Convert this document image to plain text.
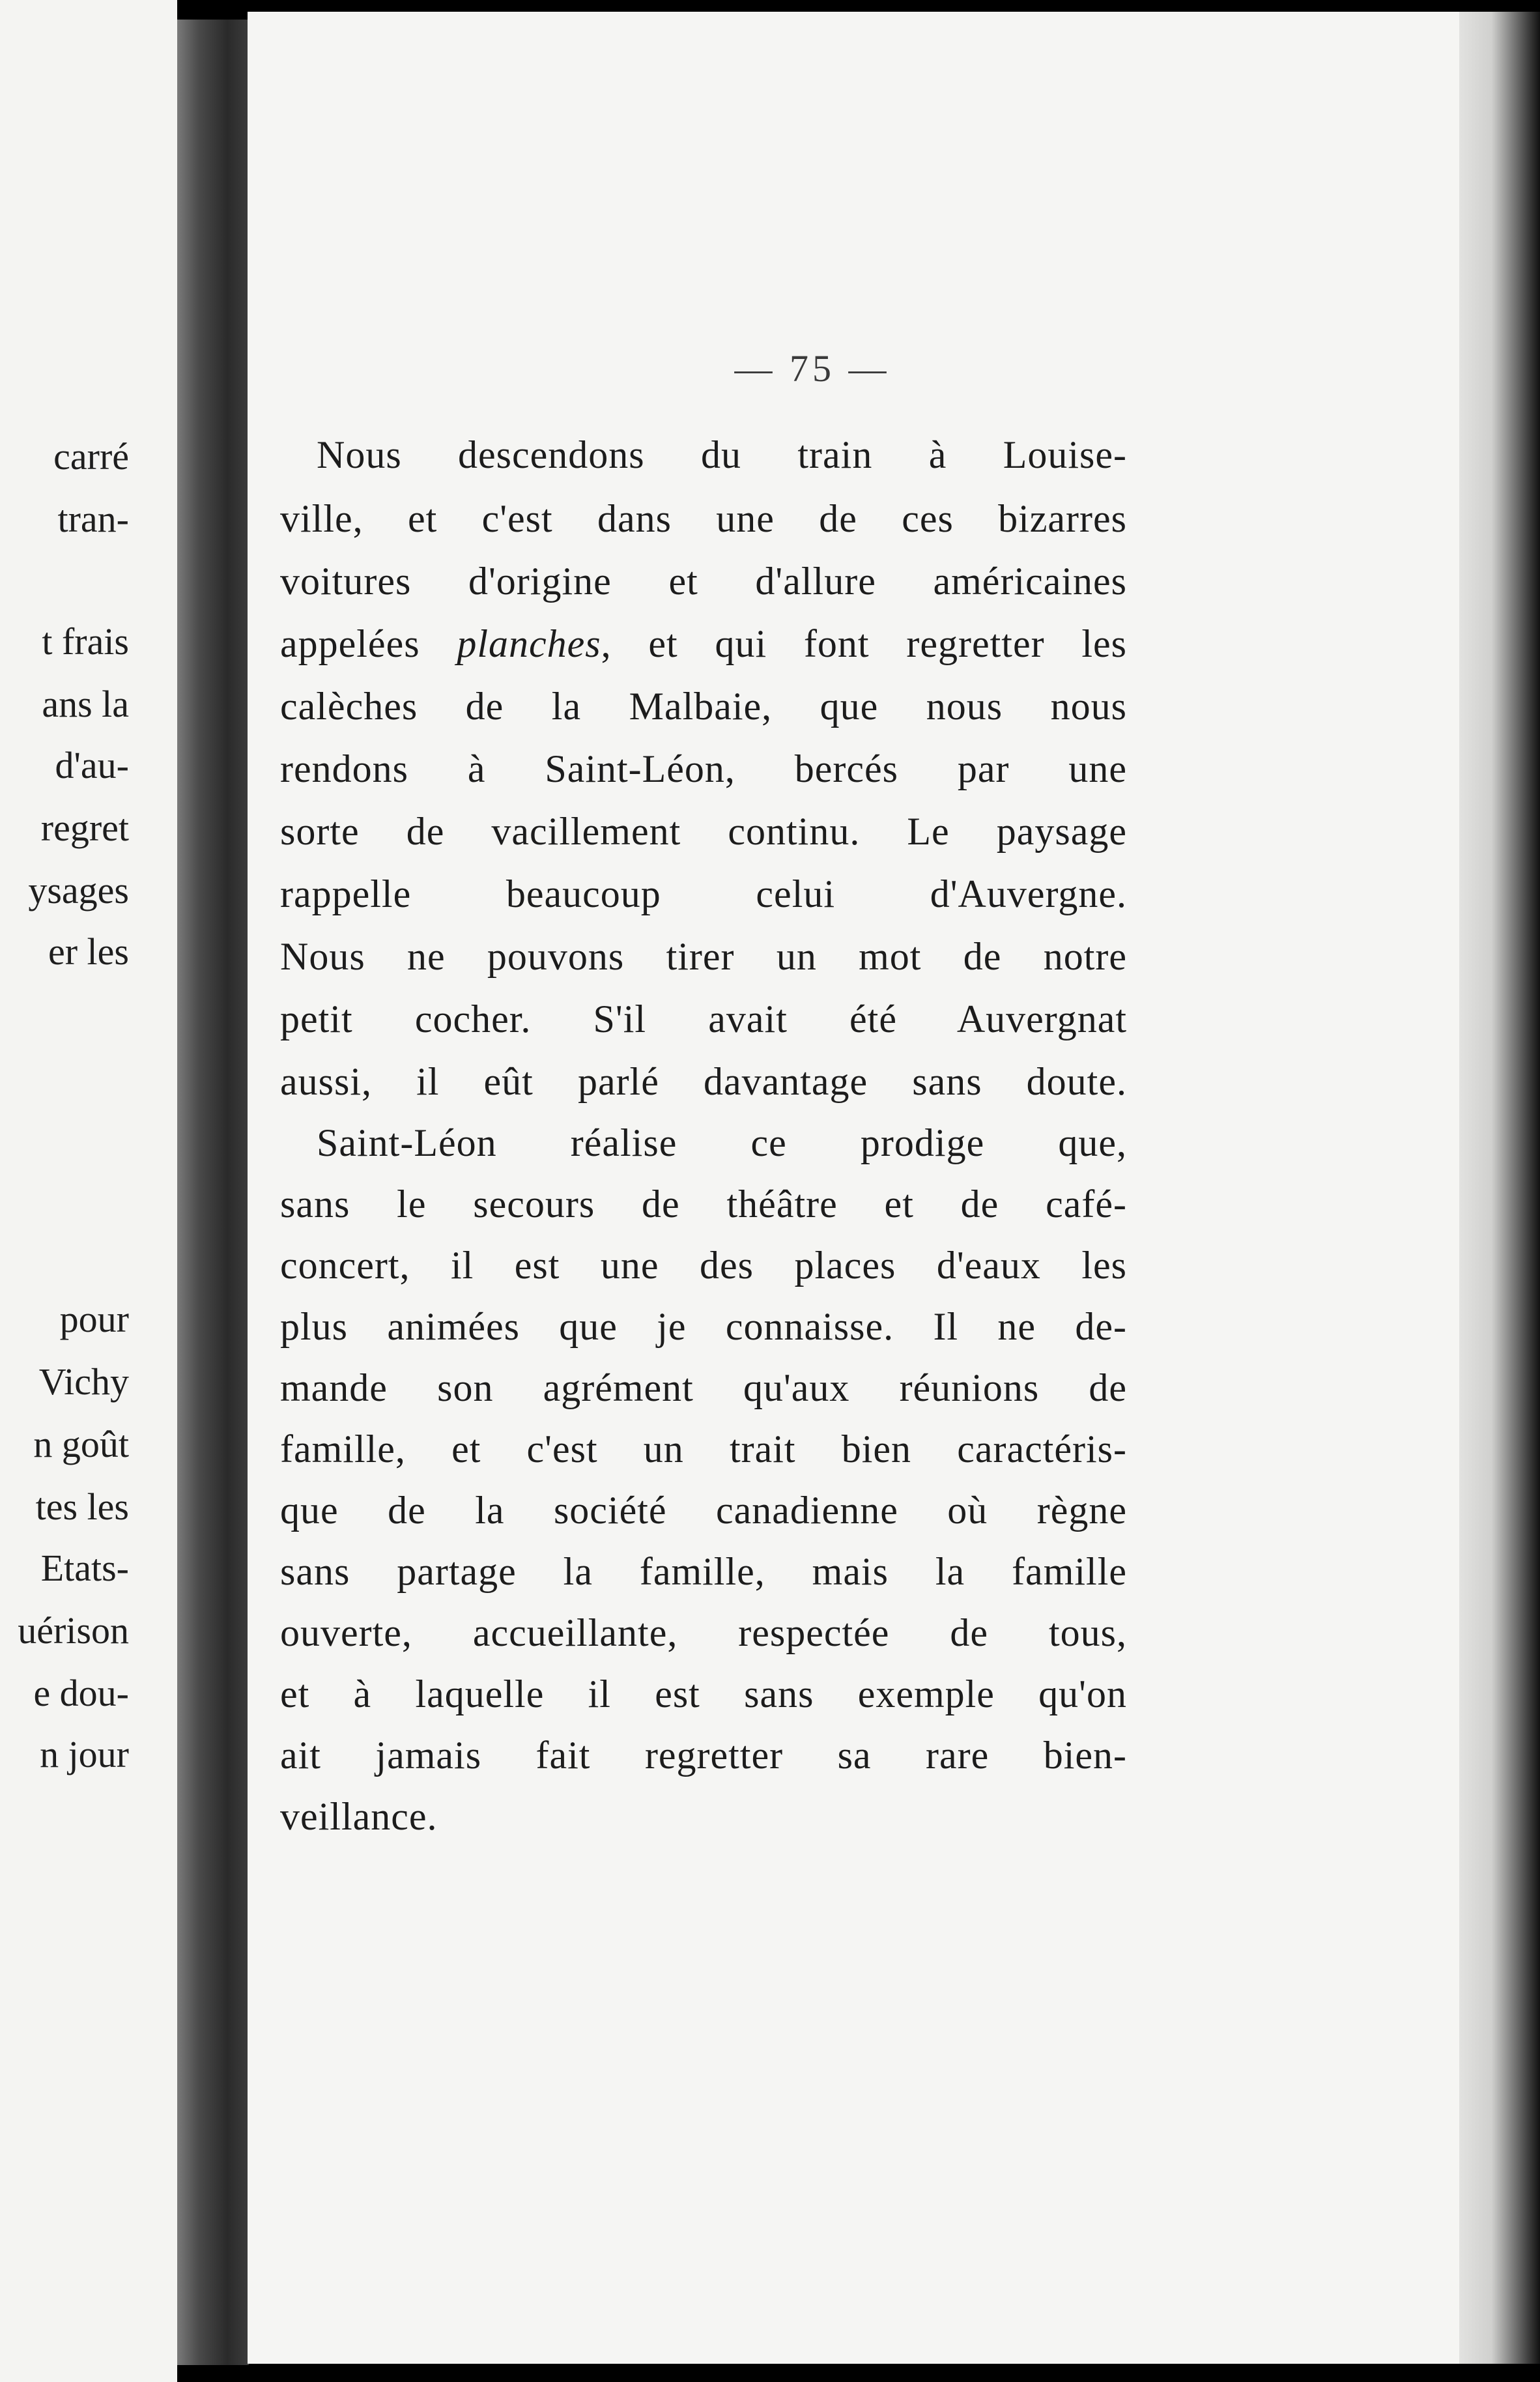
carré
tran-
t frais
ans la
d'au-
regret
ysages
er les
pour
Vichy
n goût
tes les
Etats-
uérison
e dou-
n jour
— 75 —
Nous descendons du train à Louise-
ville, et c'est dans une de ces bizarres
voitures d'origine et d'allure américaines
appelées planches, et qui font regretter les
calèches de la Malbaie, que nous nous
rendons à Saint-Léon, bercés par une
sorte de vacillement continu. Le paysage
rappelle beaucoup celui d'Auvergne.
Nous ne pouvons tirer un mot de notre
petit cocher. S'il avait été Auvergnat
aussi, il eût parlé davantage sans doute.
Saint-Léon réalise ce prodige que,
sans le secours de théâtre et de café-
concert, il est une des places d'eaux les
plus animées que je connaisse. Il ne de-
mande son agrément qu'aux réunions de
famille, et c'est un trait bien caractéris-
que de la société canadienne où règne
sans partage la famille, mais la famille
ouverte, accueillante, respectée de tous,
et à laquelle il est sans exemple qu'on
ait jamais fait regretter sa rare bien-
veillance.
